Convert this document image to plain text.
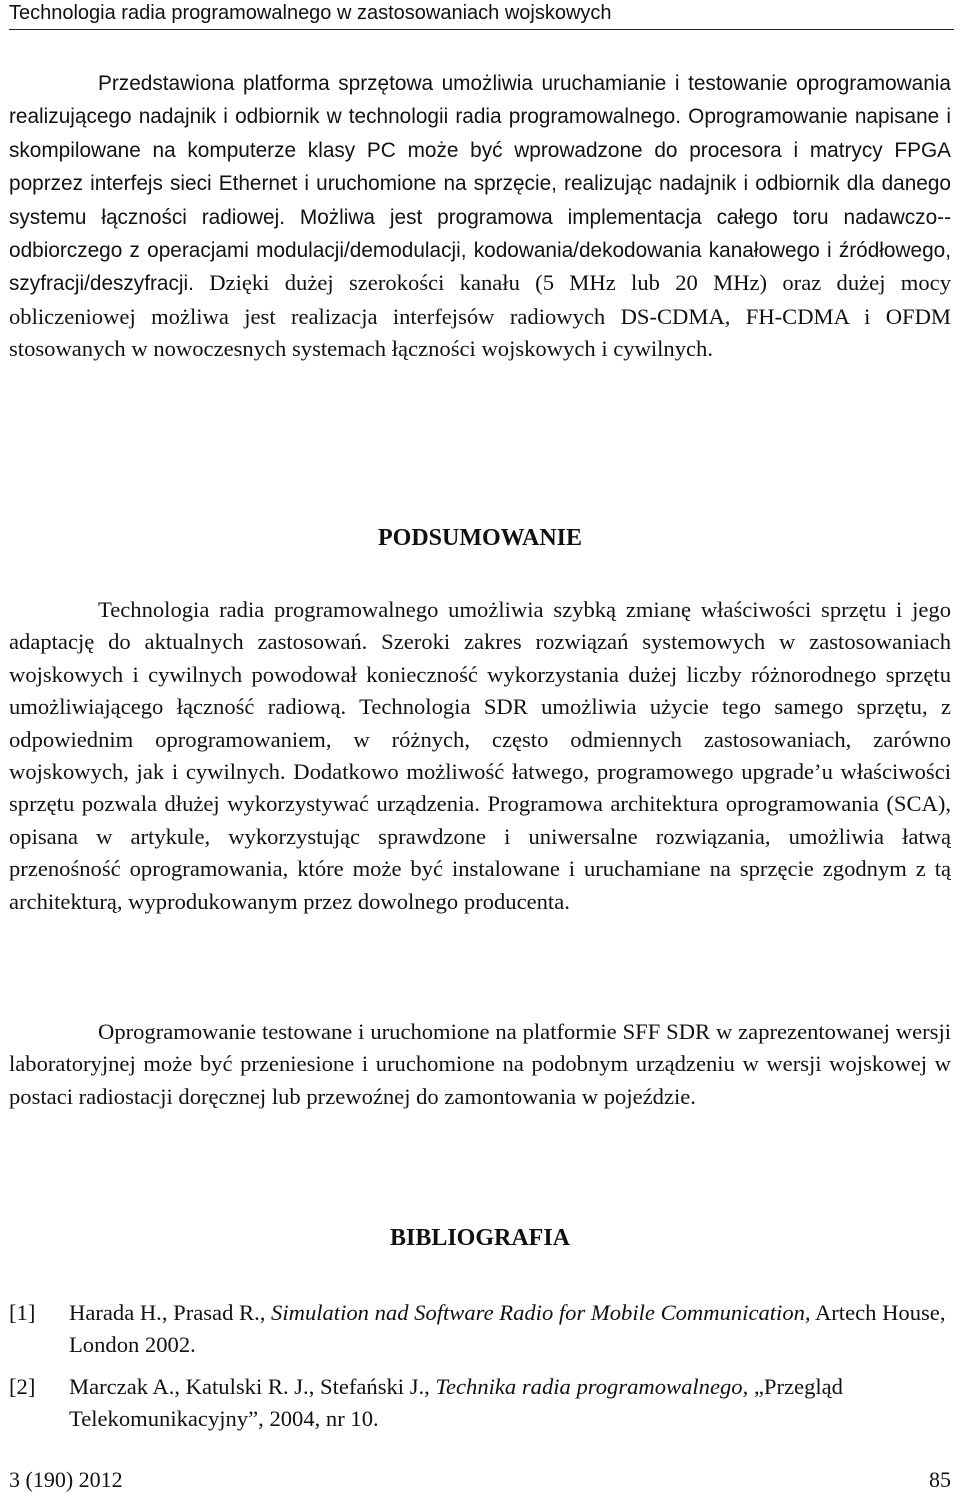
Technologia radia programowalnego w zastosowaniach wojskowych
Przedstawiona platforma sprzętowa umożliwia uruchamianie i testowanie oprogramowania realizującego nadajnik i odbiornik w technologii radia programowalnego. Oprogramowanie napisane i skompilowane na komputerze klasy PC może być wprowadzone do procesora i matrycy FPGA poprzez interfejs sieci Ethernet i uruchomione na sprzęcie, realizując nadajnik i odbiornik dla danego systemu łączności radiowej. Możliwa jest programowa implementacja całego toru nadawczo--odbiorczego z operacjami modulacji/demodulacji, kodowania/dekodowania kanałowego i źródłowego, szyfracji/deszyfracji. Dzięki dużej szerokości kanału (5 MHz lub 20 MHz) oraz dużej mocy obliczeniowej możliwa jest realizacja interfejsów radiowych DS-CDMA, FH-CDMA i OFDM stosowanych w nowoczesnych systemach łączności wojskowych i cywilnych.
PODSUMOWANIE
Technologia radia programowalnego umożliwia szybką zmianę właściwości sprzętu i jego adaptację do aktualnych zastosowań. Szeroki zakres rozwiązań systemowych w zastosowaniach wojskowych i cywilnych powodował konieczność wykorzystania dużej liczby różnorodnego sprzętu umożliwiającego łączność radiową. Technologia SDR umożliwia użycie tego samego sprzętu, z odpowiednim oprogramowaniem, w różnych, często odmiennych zastosowaniach, zarówno wojskowych, jak i cywilnych. Dodatkowo możliwość łatwego, programowego upgrade’u właściwości sprzętu pozwala dłużej wykorzystywać urządzenia. Programowa architektura oprogramowania (SCA), opisana w artykule, wykorzystując sprawdzone i uniwersalne rozwiązania, umożliwia łatwą przenośność oprogramowania, które może być instalowane i uruchamiane na sprzęcie zgodnym z tą architekturą, wyprodukowanym przez dowolnego producenta.
Oprogramowanie testowane i uruchomione na platformie SFF SDR w zaprezentowanej wersji laboratoryjnej może być przeniesione i uruchomione na podobnym urządzeniu w wersji wojskowej w postaci radiostacji doręcznej lub przewoźnej do zamontowania w pojeździe.
BIBLIOGRAFIA
[1] Harada H., Prasad R., Simulation nad Software Radio for Mobile Communication, Artech House, London 2002.
[2] Marczak A., Katulski R. J., Stefański J., Technika radia programowalnego, „Przegląd Telekomunikacyjny”, 2004, nr 10.
3 (190) 2012	85
